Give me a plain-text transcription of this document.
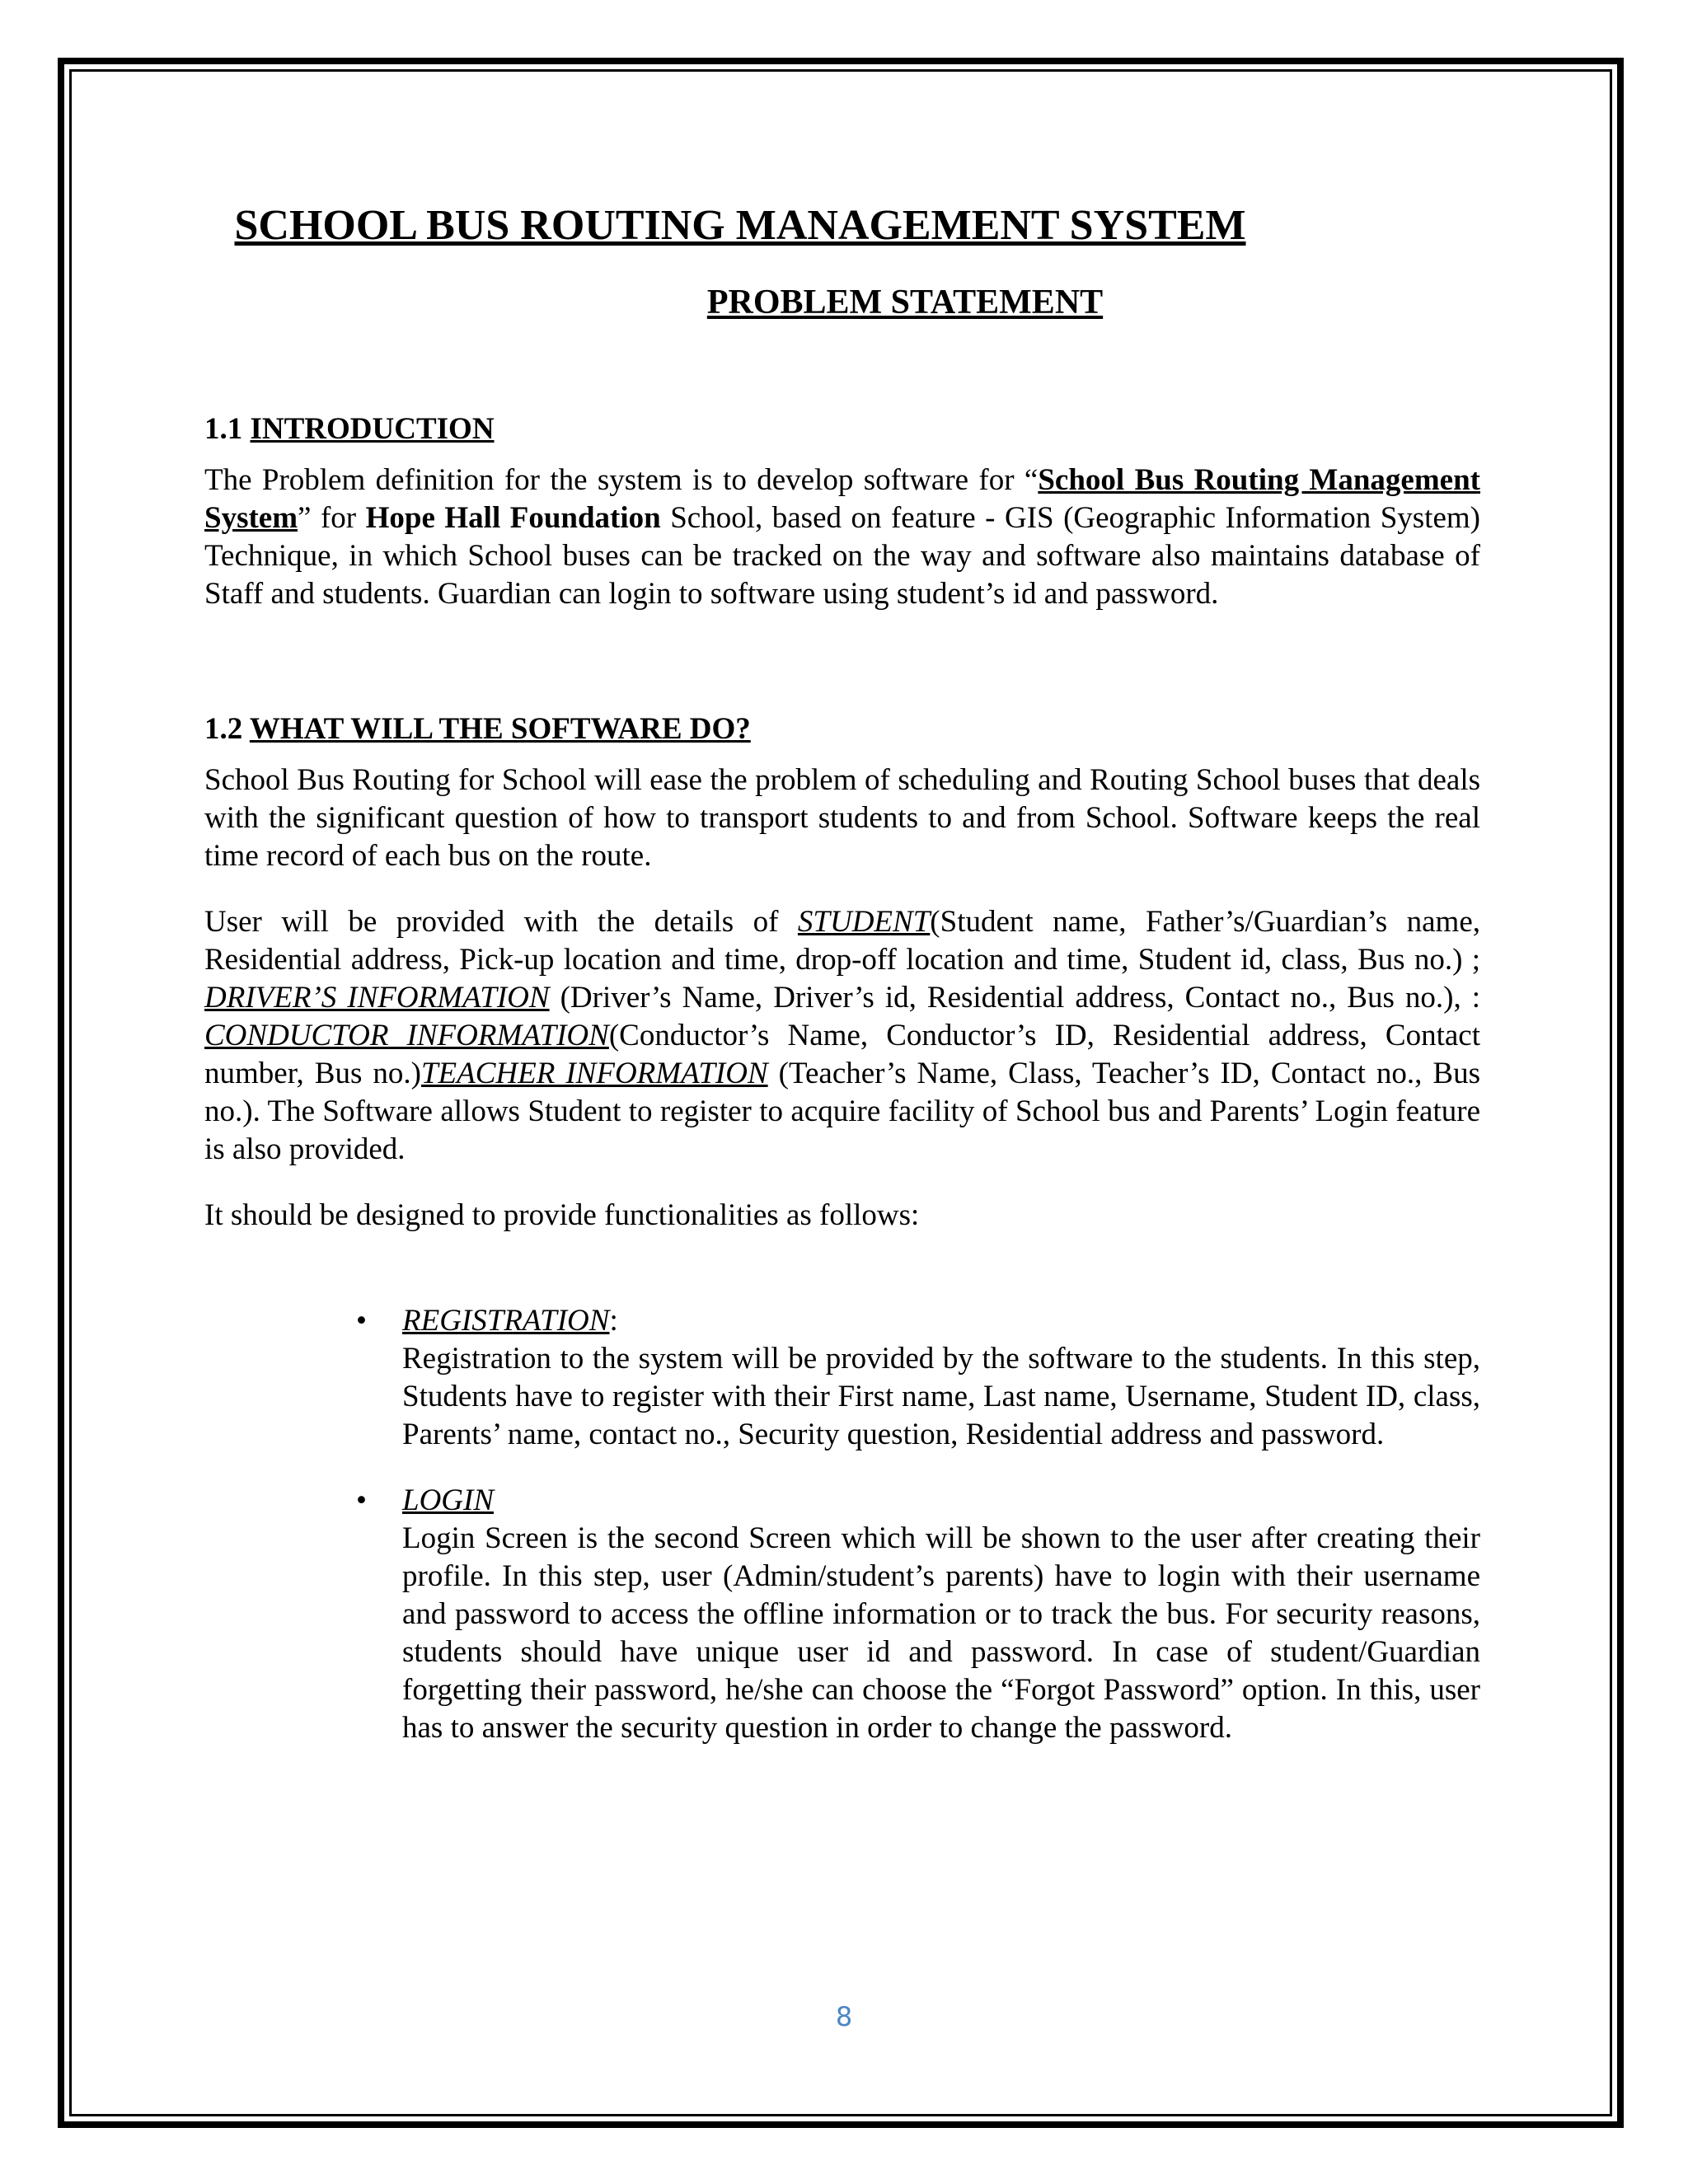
SCHOOL BUS ROUTING MANAGEMENT SYSTEM
PROBLEM STATEMENT
1.1 INTRODUCTION

The Problem definition for the system is to develop software for “School Bus Routing Management System” for Hope Hall Foundation School, based on feature - GIS (Geographic Information System) Technique, in which School buses can be tracked on the way and software also maintains database of Staff and students. Guardian can login to software using student’s id and password.

1.2 WHAT WILL THE SOFTWARE DO?

School Bus Routing for School will ease the problem of scheduling and Routing School buses that deals with the significant question of how to transport students to and from School. Software keeps the real time record of each bus on the route.

User will be provided with the details of STUDENT(Student name, Father’s/Guardian’s name, Residential address, Pick-up location and time, drop-off location and time, Student id, class, Bus no.) ; DRIVER’S INFORMATION (Driver’s Name, Driver’s id, Residential address, Contact no., Bus no.), : CONDUCTOR INFORMATION(Conductor’s Name, Conductor’s ID, Residential address, Contact number, Bus no.)TEACHER INFORMATION (Teacher’s Name, Class, Teacher’s ID, Contact no., Bus no.). The Software allows Student to register to acquire facility of School bus and Parents’ Login feature is also provided.

It should be designed to provide functionalities as follows:

• REGISTRATION:

Registration to the system will be provided by the software to the students. In this step, Students have to register with their First name, Last name, Username, Student ID, class, Parents’ name, contact no., Security question, Residential address and password.

• LOGIN

Login Screen is the second Screen which will be shown to the user after creating their profile. In this step, user (Admin/student’s parents) have to login with their username and password to access the offline information or to track the bus. For security reasons, students should have unique user id and password. In case of student/Guardian forgetting their password, he/she can choose the “Forgot Password” option. In this, user has to answer the security question in order to change the password.

8
